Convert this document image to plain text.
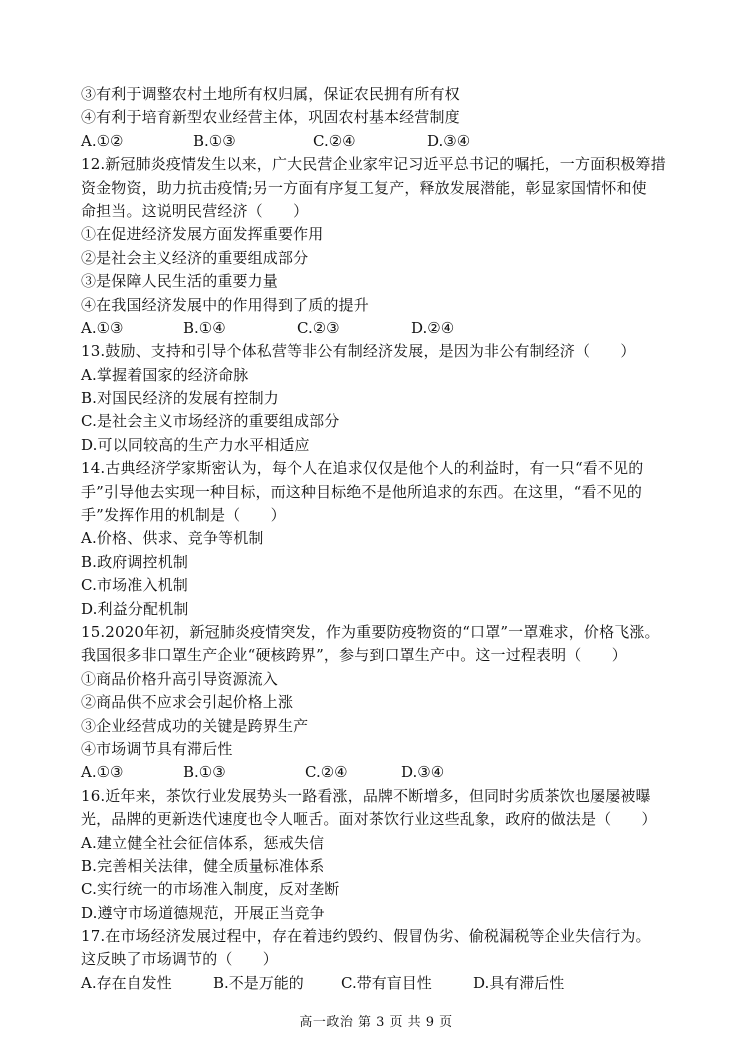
③有利于调整农村土地所有权归属，保证农民拥有所有权
④有利于培育新型农业经营主体，巩固农村基本经营制度
A.①②	B.①③	C.②④	D.③④
12.新冠肺炎疫情发生以来，广大民营企业家牢记习近平总书记的嘱托，一方面积极筹措
资金物资，助力抗击疫情;另一方面有序复工复产，释放发展潜能，彰显家国情怀和使
命担当。这说明民营经济（　　）
①在促进经济发展方面发挥重要作用
②是社会主义经济的重要组成部分
③是保障人民生活的重要力量
④在我国经济发展中的作用得到了质的提升
A.①③	B.①④	C.②③	D.②④
13.鼓励、支持和引导个体私营等非公有制经济发展，是因为非公有制经济（　　）
A.掌握着国家的经济命脉
B.对国民经济的发展有控制力
C.是社会主义市场经济的重要组成部分
D.可以同较高的生产力水平相适应
14.古典经济学家斯密认为，每个人在追求仅仅是他个人的利益时，有一只“看不见的
手”引导他去实现一种目标，而这种目标绝不是他所追求的东西。在这里，“看不见的
手”发挥作用的机制是（　　）
A.价格、供求、竞争等机制
B.政府调控机制
C.市场准入机制
D.利益分配机制
15.2020年初，新冠肺炎疫情突发，作为重要防疫物资的“口罩”一罩难求，价格飞涨。
我国很多非口罩生产企业“硬核跨界”，参与到口罩生产中。这一过程表明（　　）
①商品价格升高引导资源流入
②商品供不应求会引起价格上涨
③企业经营成功的关键是跨界生产
④市场调节具有滞后性
A.①③	B.①③	C.②④	D.③④
16.近年来，茶饮行业发展势头一路看涨，品牌不断增多，但同时劣质茶饮也屡屡被曝
光，品牌的更新迭代速度也令人咂舌。面对茶饮行业这些乱象，政府的做法是（　　）
A.建立健全社会征信体系，惩戒失信
B.完善相关法律，健全质量标准体系
C.实行统一的市场准入制度，反对垄断
D.遵守市场道德规范，开展正当竞争
17.在市场经济发展过程中，存在着违约毁约、假冒伪劣、偷税漏税等企业失信行为。
这反映了市场调节的（　　）
A.存在自发性	B.不是万能的 C.带有盲目性	D.具有滞后性
高一政治 第 3 页 共 9 页
